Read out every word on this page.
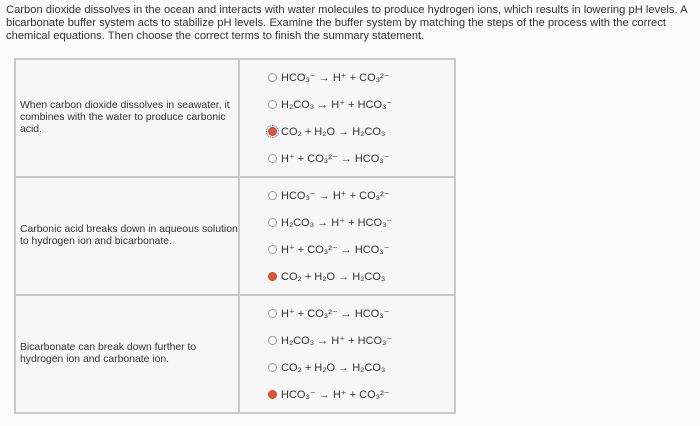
Carbon dioxide dissolves in the ocean and interacts with water molecules to produce hydrogen ions, which results in lowering pH levels. A bicarbonate buffer system acts to stabilize pH levels. Examine the buffer system by matching the steps of the process with the correct chemical equations. Then choose the correct terms to finish the summary statement.
When carbon dioxide dissolves in seawater, it combines with the water to produce carbonic acid.	HCO₃⁻ → H⁺ + CO₃²⁻
H₂CO₃ → H⁺ + HCO₃⁻
CO₂ + H₂O → H₂CO₃
H⁺ + CO₃²⁻ → HCO₃⁻

Carbonic acid breaks down in aqueous solution to hydrogen ion and bicarbonate.	HCO₃⁻ → H⁺ + CO₃²⁻
H₂CO₃ → H⁺ + HCO₃⁻
H⁺ + CO₃²⁻ → HCO₃⁻
CO₂ + H₂O → H₂CO₃

Bicarbonate can break down further to hydrogen ion and carbonate ion.	H⁺ + CO₃²⁻ → HCO₃⁻
H₂CO₃ → H⁺ + HCO₃⁻
CO₂ + H₂O → H₂CO₃
HCO₃⁻ → H⁺ + CO₃²⁻
